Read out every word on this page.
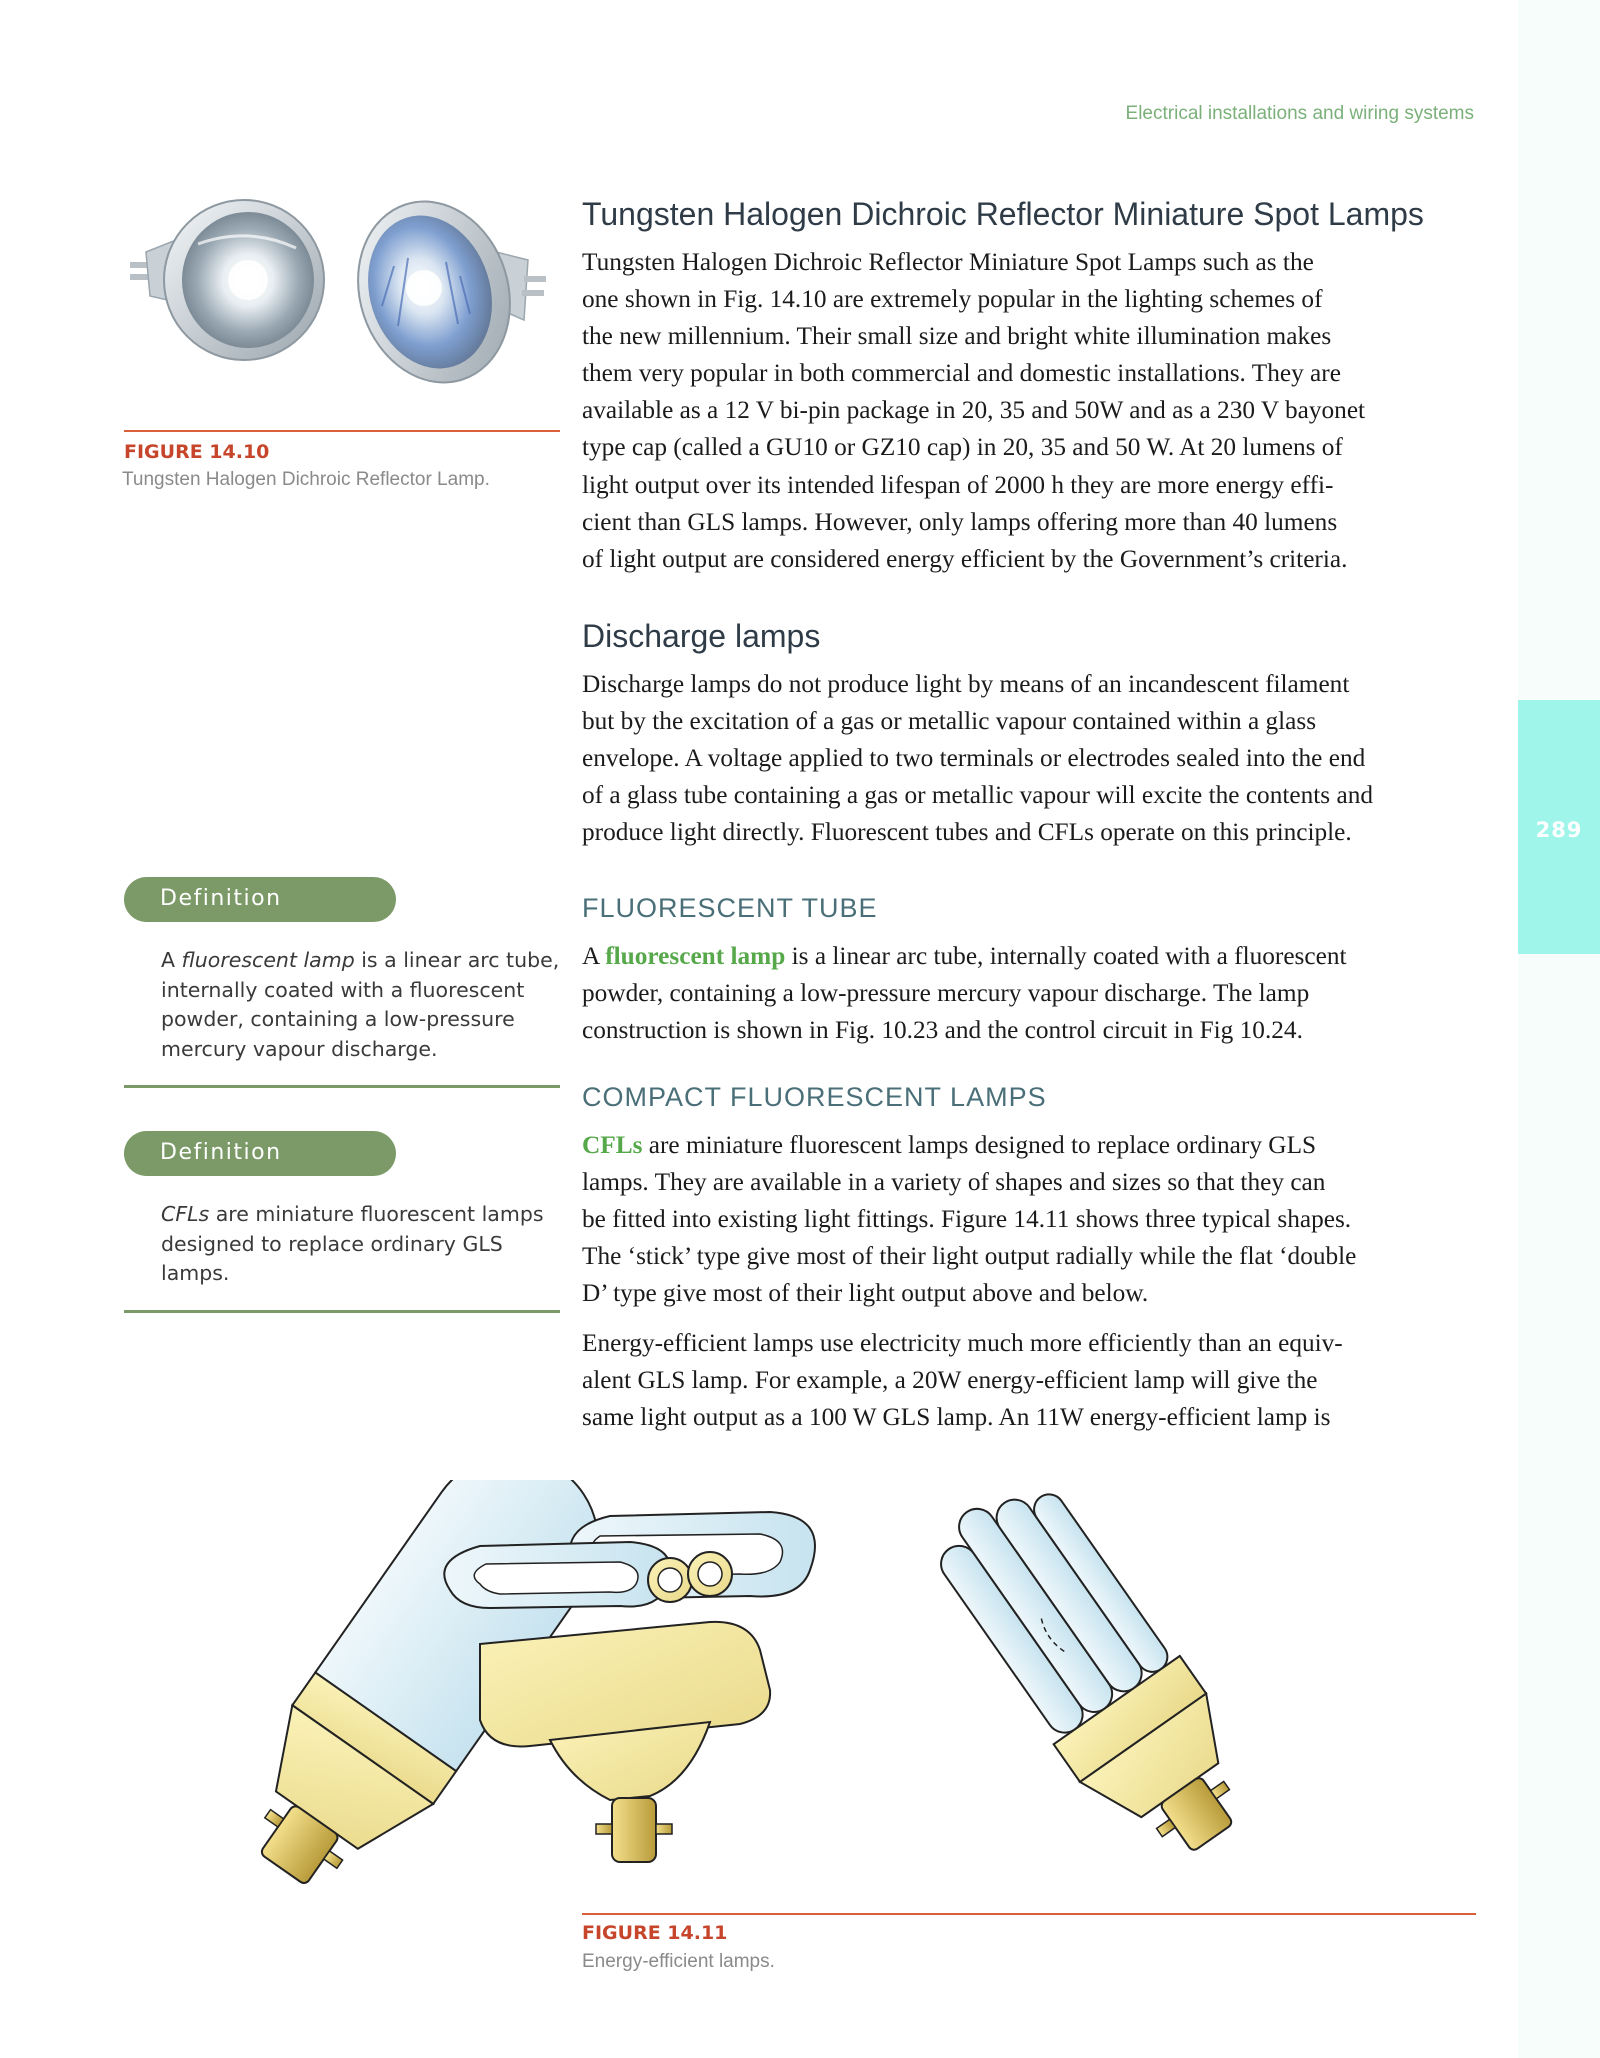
289
Electrical installations and wiring systems
FIGURE 14.10
Tungsten Halogen Dichroic Reflector Lamp.
Definition
A fluorescent lamp is a linear arc tube,
internally coated with a fluorescent
powder, containing a low-pressure
mercury vapour discharge.
Definition
CFLs are miniature fluorescent lamps
designed to replace ordinary GLS
lamps.
Tungsten Halogen Dichroic Reflector Miniature Spot Lamps
Tungsten Halogen Dichroic Reflector Miniature Spot Lamps such as the
one shown in Fig. 14.10 are extremely popular in the lighting schemes of
the new millennium. Their small size and bright white illumination makes
them very popular in both commercial and domestic installations. They are
available as a 12 V bi-pin package in 20, 35 and 50W and as a 230 V bayonet
type cap (called a GU10 or GZ10 cap) in 20, 35 and 50 W. At 20 lumens of
light output over its intended lifespan of 2000 h they are more energy effi-
cient than GLS lamps. However, only lamps offering more than 40 lumens
of light output are considered energy efficient by the Government’s criteria.
Discharge lamps
Discharge lamps do not produce light by means of an incandescent filament
but by the excitation of a gas or metallic vapour contained within a glass
envelope. A voltage applied to two terminals or electrodes sealed into the end
of a glass tube containing a gas or metallic vapour will excite the contents and
produce light directly. Fluorescent tubes and CFLs operate on this principle.
FLUORESCENT TUBE
A fluorescent lamp is a linear arc tube, internally coated with a fluorescent
powder, containing a low-pressure mercury vapour discharge. The lamp
construction is shown in Fig. 10.23 and the control circuit in Fig 10.24.
COMPACT FLUORESCENT LAMPS
CFLs are miniature fluorescent lamps designed to replace ordinary GLS
lamps. They are available in a variety of shapes and sizes so that they can
be fitted into existing light fittings. Figure 14.11 shows three typical shapes.
The ‘stick’ type give most of their light output radially while the flat ‘double
D’ type give most of their light output above and below.
Energy-efficient lamps use electricity much more efficiently than an equiv-
alent GLS lamp. For example, a 20W energy-efficient lamp will give the
same light output as a 100 W GLS lamp. An 11W energy-efficient lamp is
FIGURE 14.11
Energy-efficient lamps.
